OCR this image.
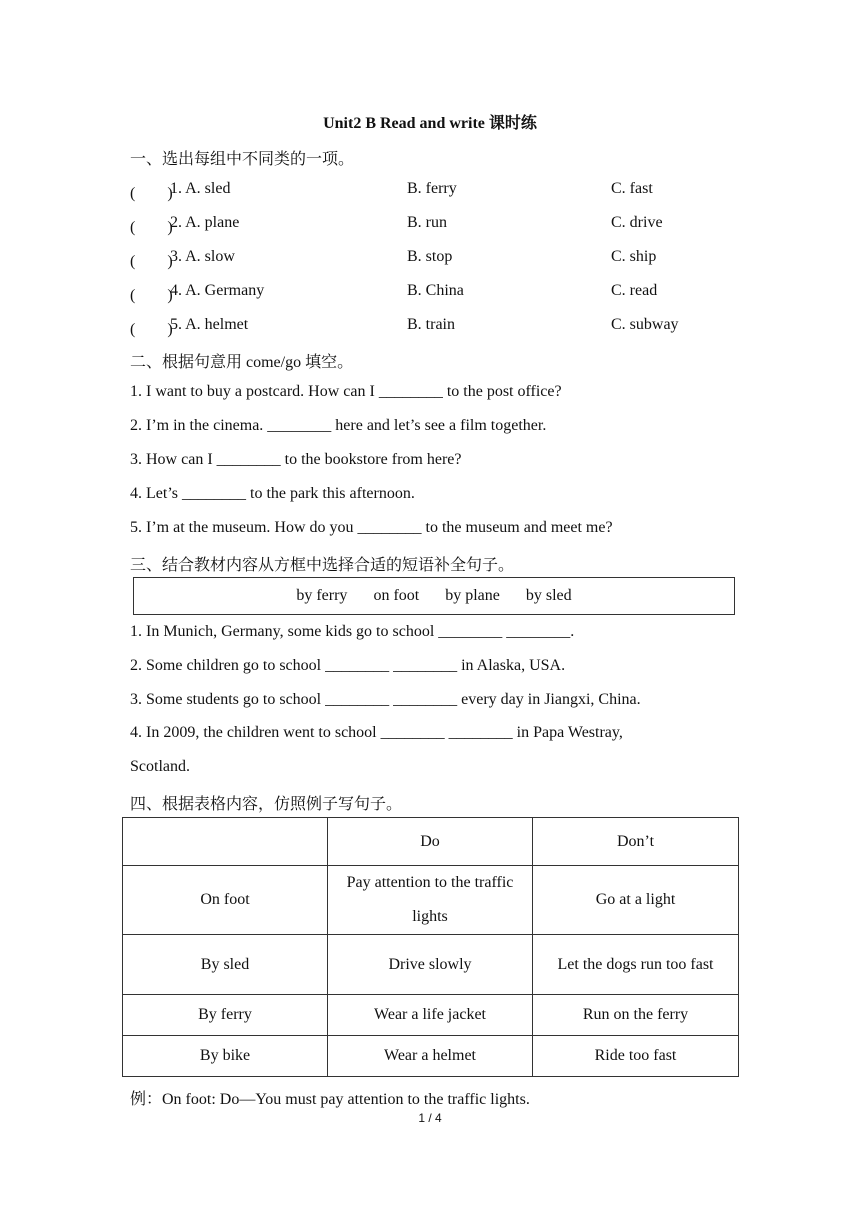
Unit2 B Read and write 课时练
一、选出每组中不同类的一项。
(　　)
1. A. sled	B. ferry	C. fast
(　　)
2. A. plane	B. run	C. drive
(　　)
3. A. slow	B. stop	C. ship
(　　)
4. A. Germany	B. China	C. read
(　　)
5. A. helmet	B. train	C. subway
二、根据句意用 come/go 填空。
1. I want to buy a postcard. How can I ________ to the post office?
2. I’m in the cinema. ________ here and let’s see a film together.
3. How can I ________ to the bookstore from here?
4. Let’s ________ to the park this afternoon.
5. I’m at the museum. How do you ________ to the museum and meet me?
三、结合教材内容从方框中选择合适的短语补全句子。
by ferry on foot by plane by sled
1. In Munich, Germany, some kids go to school ________ ________.
2. Some children go to school ________ ________ in Alaska, USA.
3. Some students go to school ________ ________ every day in Jiangxi, China.
4. In 2009, the children went to school ________ ________ in Papa Westray,
Scotland.
四、根据表格内容，仿照例子写句子。
	Do	Don’t
On foot	Pay attention to the traffic lights	Go at a light
By sled	Drive slowly	Let the dogs run too fast
By ferry	Wear a life jacket	Run on the ferry
By bike	Wear a helmet	Ride too fast
例：On foot: Do—You must pay attention to the traffic lights.
1 / 4
